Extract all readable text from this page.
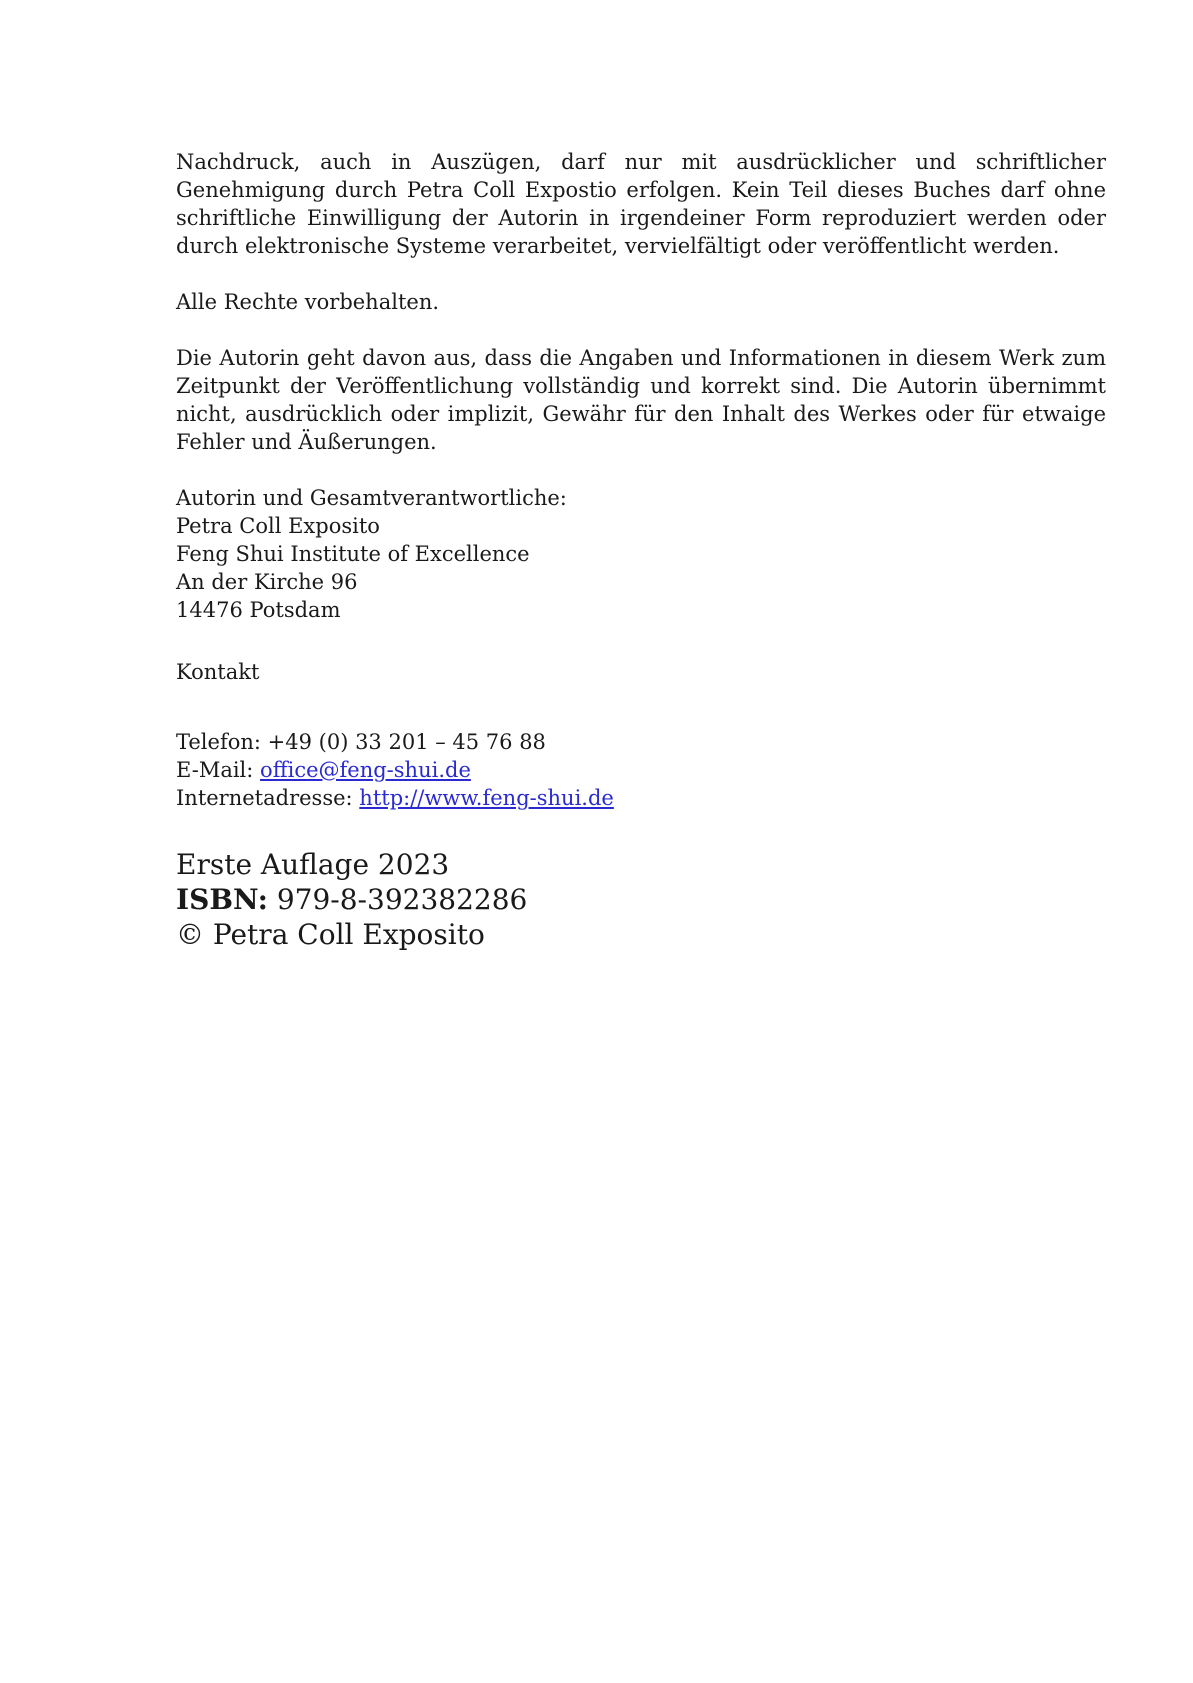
Nachdruck, auch in Auszügen, darf nur mit ausdrücklicher und schriftlicher Genehmigung durch Petra Coll Expostio erfolgen. Kein Teil dieses Buches darf ohne schriftliche Einwilligung der Autorin in irgendeiner Form reproduziert werden oder durch elektronische Systeme verarbeitet, vervielfältigt oder veröffentlicht werden.

Alle Rechte vorbehalten.

Die Autorin geht davon aus, dass die Angaben und Informationen in diesem Werk zum Zeitpunkt der Veröffentlichung vollständig und korrekt sind. Die Autorin übernimmt nicht, ausdrücklich oder implizit, Gewähr für den Inhalt des Werkes oder für etwaige Fehler und Äußerungen.

Autorin und Gesamtverantwortliche:
Petra Coll Exposito
Feng Shui Institute of Excellence
An der Kirche 96
14476 Potsdam
Kontakt
Telefon: +49 (0) 33 201 – 45 76 88
E-Mail: office@feng-shui.de
Internetadresse: http://www.feng-shui.de
Erste Auflage 2023
ISBN: 979-8-392382286
© Petra Coll Exposito
